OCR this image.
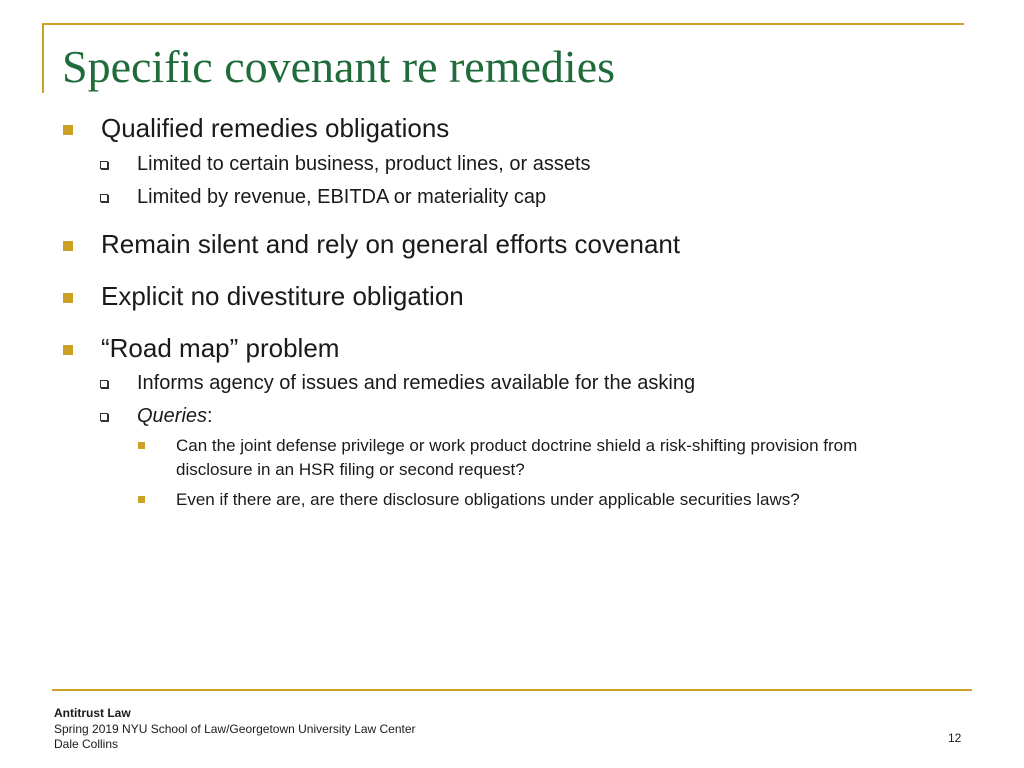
Specific covenant re remedies
Qualified remedies obligations
Limited to certain business, product lines, or assets
Limited by revenue, EBITDA or materiality cap
Remain silent and rely on general efforts covenant
Explicit no divestiture obligation
“Road map” problem
Informs agency of issues and remedies available for the asking
Queries:
Can the joint defense privilege or work product doctrine shield a risk-shifting provision from disclosure in an HSR filing or second request?
Even if there are, are there disclosure obligations under applicable securities laws?
Antitrust Law
Spring 2019 NYU School of Law/Georgetown University Law Center
Dale Collins	12
